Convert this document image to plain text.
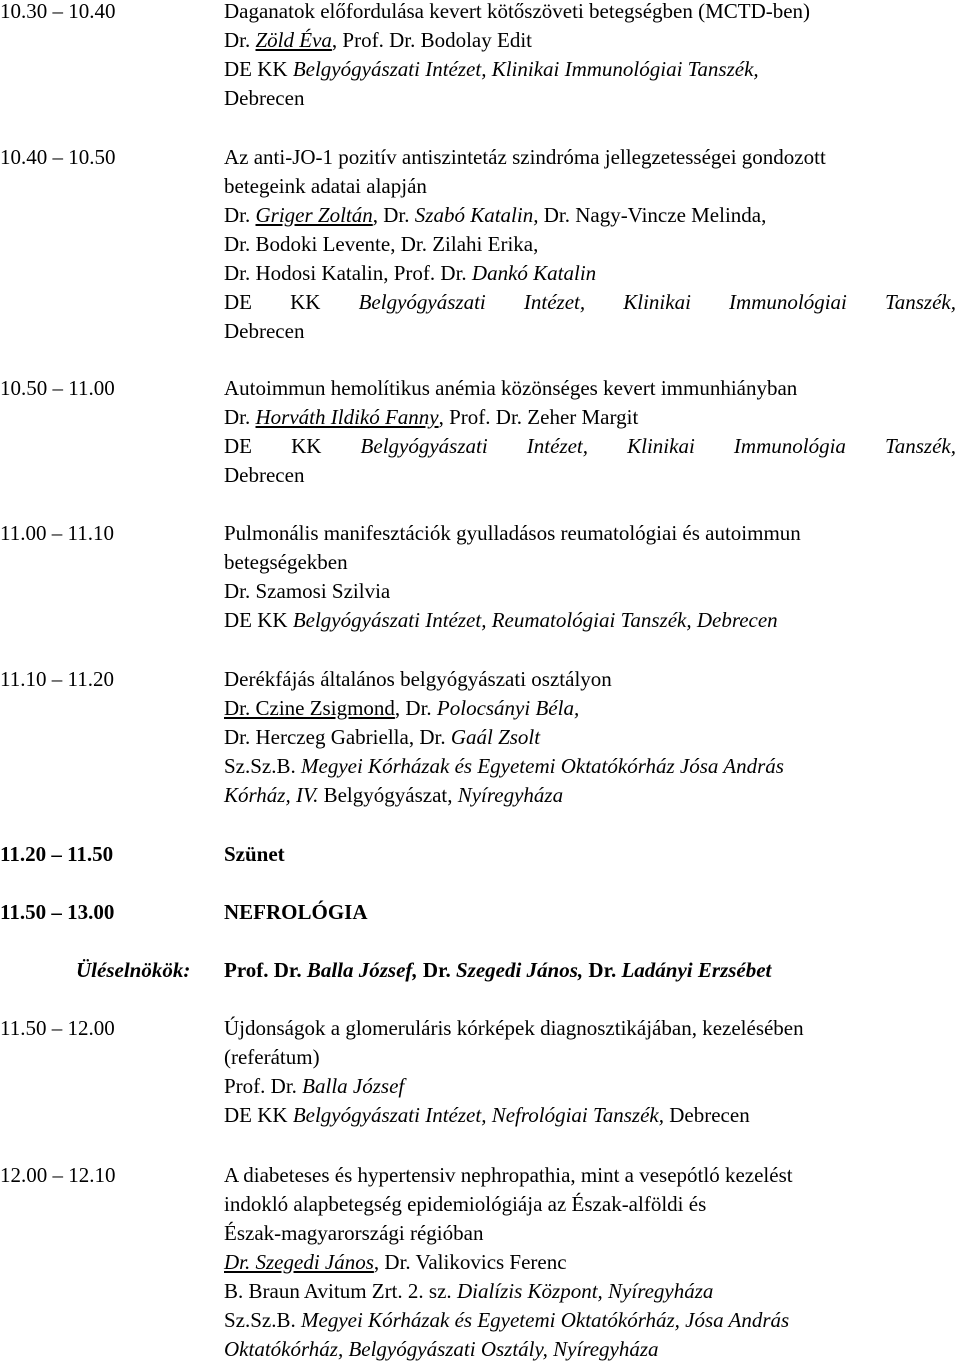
10.30 – 10.40	Daganatok előfordulása kevert kötőszöveti betegségben (MCTD-ben)
Dr. Zöld Éva, Prof. Dr. Bodolay Edit
DE KK Belgyógyászati Intézet, Klinikai Immunológiai Tanszék,
Debrecen
10.40 – 10.50	Az anti-JO-1 pozitív antiszintetáz szindróma jellegzetességei gondozott
betegeink adatai alapján
Dr. Griger Zoltán, Dr. Szabó Katalin, Dr. Nagy-Vincze Melinda,
Dr. Bodoki Levente, Dr. Zilahi Erika,
Dr. Hodosi Katalin, Prof. Dr. Dankó Katalin
DE KK Belgyógyászati Intézet, Klinikai Immunológiai Tanszék,
Debrecen
10.50 – 11.00	Autoimmun hemolítikus anémia közönséges kevert immunhiányban
Dr. Horváth Ildikó Fanny, Prof. Dr. Zeher Margit
DE KK Belgyógyászati Intézet, Klinikai Immunológia Tanszék,
Debrecen
11.00 – 11.10	Pulmonális manifesztációk gyulladásos reumatológiai és autoimmun
betegségekben
Dr. Szamosi Szilvia
DE KK Belgyógyászati Intézet, Reumatológiai Tanszék, Debrecen
11.10 – 11.20	Derékfájás általános belgyógyászati osztályon
Dr. Czine Zsigmond, Dr. Polocsányi Béla,
Dr. Herczeg Gabriella, Dr. Gaál Zsolt
Sz.Sz.B. Megyei Kórházak és Egyetemi Oktatókórház Jósa András
Kórház, IV. Belgyógyászat, Nyíregyháza
11.20 – 11.50	Szünet
11.50 – 13.00	NEFROLÓGIA
Üléselnökök: Prof. Dr. Balla József, Dr. Szegedi János, Dr. Ladányi Erzsébet
11.50 – 12.00	Újdonságok a glomeruláris kórképek diagnosztikájában, kezelésében
(referátum)
Prof. Dr. Balla József
DE KK Belgyógyászati Intézet, Nefrológiai Tanszék, Debrecen
12.00 – 12.10	A diabeteses és hypertensiv nephropathia, mint a vesepótló kezelést
indokló alapbetegség epidemiológiája az Észak-alföldi és
Észak-magyarországi régióban
Dr. Szegedi János, Dr. Valikovics Ferenc
B. Braun Avitum Zrt. 2. sz. Dialízis Központ, Nyíregyháza
Sz.Sz.B. Megyei Kórházak és Egyetemi Oktatókórház, Jósa András
Oktatókórház, Belgyógyászati Osztály, Nyíregyháza
